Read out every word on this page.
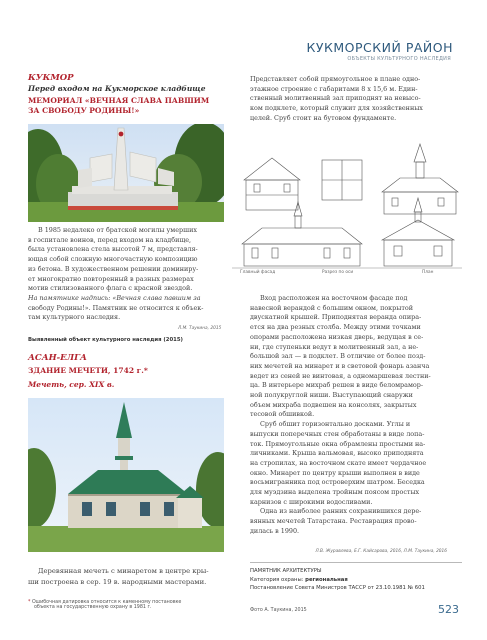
КУКМОРСКИЙ РАЙОН
ОБЪЕКТЫ КУЛЬТУРНОГО НАСЛЕДИЯ
КУКМОР
Перед входом на Кукморское кладбище
МЕМОРИАЛ «ВЕЧНАЯ СЛАВА ПАВШИМ
ЗА СВОБОДУ РОДИНЫ!»

В 1985 недалеко от братской могилы умерших

в госпитале воинов, перед входом на кладбище,
была установлена стела высотой 7 м, представля-
ющая собой сложную многочастную композицию
из бетона. В художественном решении доминиру-
ет многократно повторенный в разных размерах
мотив стилизованного флага с красной звездой.
На памятнике надпись: «Вечная слава павшим за
свободу Родины!». Памятник не относится к объек-
там культурного наследия.
Л.М. Таукина, 2015
Выявленный объект культурного наследия (2015)
АСАН-ЕЛГА
ЗДАНИЕ МЕЧЕТИ, 1742 г.*
Мечеть, сер. XIX в.

Деревянная мечеть с минаретом в центре кры-

ши построена в сер. 19 в. народными мастерами.
* Ошибочная датировка относится к каменному постановке
объекта на государственную охрану в 1981 г.
Представляет собой прямоугольное в плане одно-
этажное строение с габаритами 8 х 15,6 м. Един-
ственный молитвенный зал приподнят на невысо-
ком подклете, который служит для хозяйственных
целей. Сруб стоит на бутовом фундаменте.
Главный фасад	Разрез по оси	План

Вход расположен на восточном фасаде под

навесной верандой с большим окном, покрытой
двускатной крышей. Приподнятая веранда опира-
ется на два резных столба. Между этими точками
опорами расположена низкая дверь, ведущая в се-
ни, где ступеньки ведут в молитвенный зал, а не-
большой зал — в подклет. В отличие от более позд-
них мечетей на минарет и в световой фонарь азанча
ведет из сеней не винтовая, а одномаршевая лестни-
ца. В интерьере михраб решен в виде беломрамор-
ной полукруглой ниши. Выступающий снаружи
объем михраба подвешен на консолях, закрытых
тесовой обшивкой.

Сруб обшит горизонтально досками. Углы и

выпуски поперечных стен обработаны в виде лопа-
ток. Прямоугольные окна обрамлены простыми на-
личниками. Крыша вальмовая, высоко приподнята
на стропилах, на восточном скате имеет чердачное
окно. Минарет по центру крыши выполнен в виде
восьмигранника под островерхим шатром. Беседка
для муэдзина выделена тройным поясом простых
карнизов с широкими водосливами.

Одна из наиболее ранних сохранившихся дере-

вянных мечетей Татарстана. Реставрация прово-
дилась в 1990.
Л.В. Журавлева, Е.Г. Кайсарова, 2016, Л.М. Таукина, 2016
ПАМЯТНИК АРХИТЕКТУРЫ
Категория охраны: региональная
Постановление Совета Министров ТАССР от 23.10.1981 № 601
Фото А. Таукина, 2015	523
